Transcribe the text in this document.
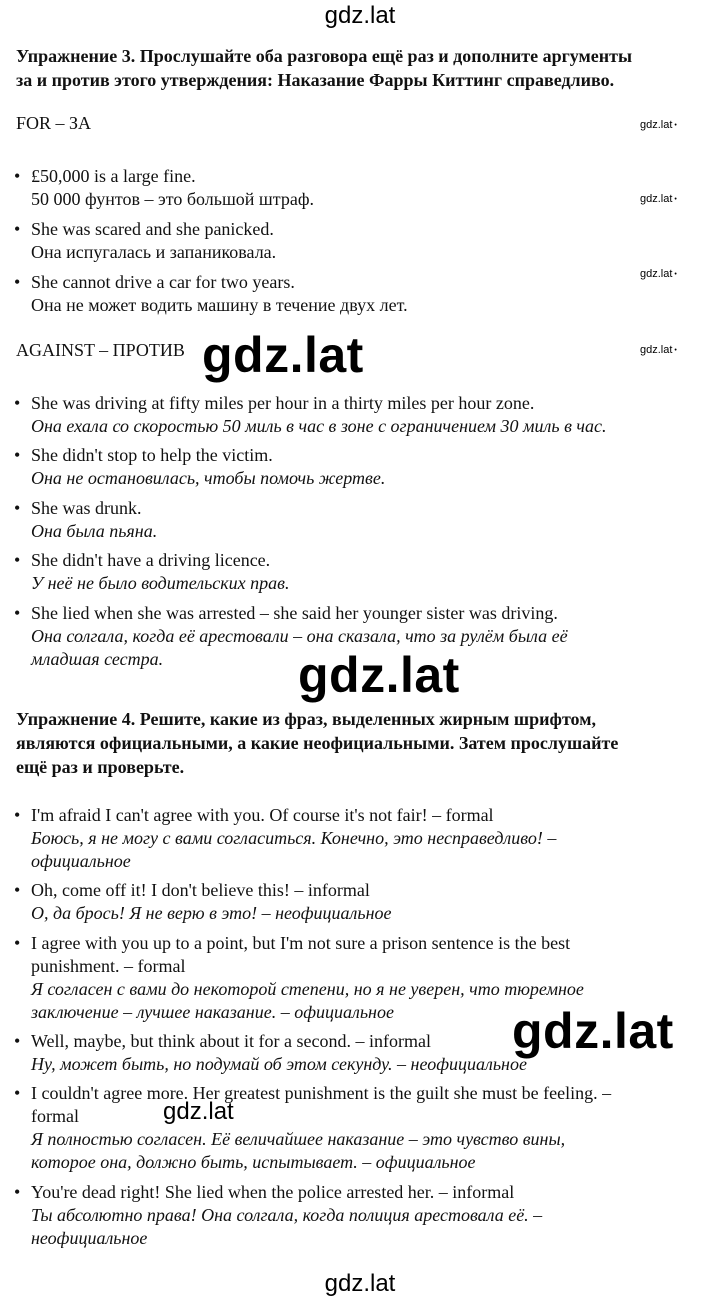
gdz.lat
Упражнение 3. Прослушайте оба разговора ещё раз и дополните аргументы
за и против этого утверждения: Наказание Фарры Киттинг справедливо.
FOR – ЗА	gdz.lat •
• £50,000 is a large fine.
50 000 фунтов – это большой штраф.	gdz.lat •
• She was scared and she panicked.
Она испугалась и запаниковала.
• She cannot drive a car for two years.
Она не может водить машину в течение двух лет.
gdz.lat •
AGAINST – ПРОТИВ gdz.lat	gdz.lat •
• She was driving at fifty miles per hour in a thirty miles per hour zone.
Она ехала со скоростью 50 миль в час в зоне с ограничением 30 миль в час.
• She didn't stop to help the victim.
Она не остановилась, чтобы помочь жертве.
• She was drunk.
Она была пьяна.
• She didn't have a driving licence.
У неё не было водительских прав.
• She lied when she was arrested – she said her younger sister was driving.
Она солгала, когда её арестовали – она сказала, что за рулём была её
младшая сестра.	gdz.lat
Упражнение 4. Решите, какие из фраз, выделенных жирным шрифтом,
являются официальными, а какие неофициальными. Затем прослушайте
ещё раз и проверьте.
• I'm afraid I can't agree with you. Of course it's not fair! – formal
Боюсь, я не могу с вами согласиться. Конечно, это несправедливо! –
официальное
• Oh, come off it! I don't believe this! – informal
О, да брось! Я не верю в это! – неофициальное
• I agree with you up to a point, but I'm not sure a prison sentence is the best
punishment. – formal
Я согласен с вами до некоторой степени, но я не уверен, что тюремное
заключение – лучшее наказание. – официальное
• Well, maybe, but think about it for a second. – informal
Ну, может быть, но подумай об этом секунду. – неофициальное
gdz.lat
• I couldn't agree more. Her greatest punishment is the guilt she must be feeling. –
formal
Я полностью согласен. Её величайшее наказание – это чувство вины,
которое она, должно быть, испытывает. – официальное
gdz.lat
• You're dead right! She lied when the police arrested her. – informal
Ты абсолютно права! Она солгала, когда полиция арестовала её. –
неофициальное
gdz.lat
